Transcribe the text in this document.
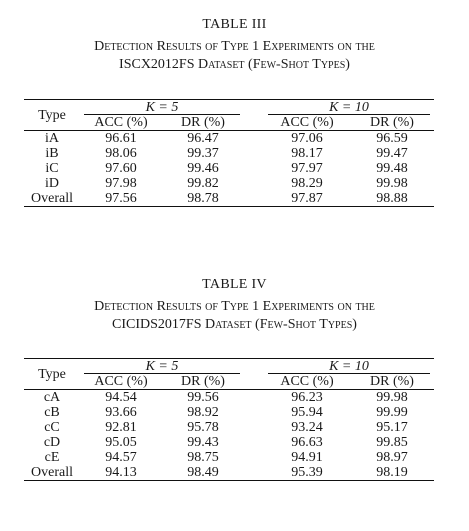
TABLE III
Detection Results of Type 1 Experiments on the
ISCX2012FS Dataset (Few-Shot Types)
Type	K = 5			K = 10	

	ACC (%)	DR (%)		ACC (%)	DR (%)
iA	96.61	96.47		97.06	96.59
iB	98.06	99.37		98.17	99.47
iC	97.60	99.46		97.97	99.48
iD	97.98	99.82		98.29	99.98
Overall	97.56	98.78		97.87	98.88
TABLE IV
Detection Results of Type 1 Experiments on the
CICIDS2017FS Dataset (Few-Shot Types)
Type	K = 5			K = 10	

	ACC (%)	DR (%)		ACC (%)	DR (%)
cA	94.54	99.56		96.23	99.98
cB	93.66	98.92		95.94	99.99
cC	92.81	95.78		93.24	95.17
cD	95.05	99.43		96.63	99.85
cE	94.57	98.75		94.91	98.97
Overall	94.13	98.49		95.39	98.19
